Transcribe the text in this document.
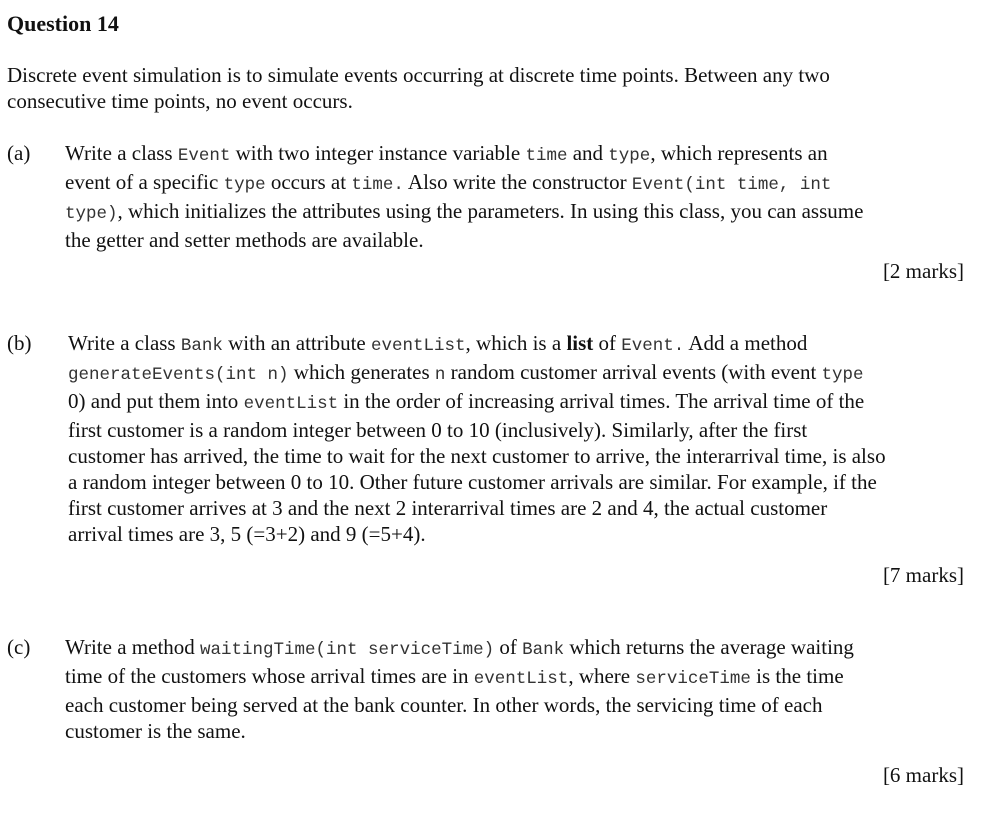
Question 14
Discrete event simulation is to simulate events occurring at discrete time points. Between any two
consecutive time points, no event occurs.
(a) Write a class Event with two integer instance variable time and type, which represents an
event of a specific type occurs at time. Also write the constructor Event(int time, int
type), which initializes the attributes using the parameters. In using this class, you can assume
the getter and setter methods are available.
[2 marks]
(b) Write a class Bank with an attribute eventList, which is a list of Event. Add a method
generateEvents(int n) which generates n random customer arrival events (with event type
0) and put them into eventList in the order of increasing arrival times. The arrival time of the
first customer is a random integer between 0 to 10 (inclusively). Similarly, after the first
customer has arrived, the time to wait for the next customer to arrive, the interarrival time, is also
a random integer between 0 to 10. Other future customer arrivals are similar. For example, if the
first customer arrives at 3 and the next 2 interarrival times are 2 and 4, the actual customer
arrival times are 3, 5 (=3+2) and 9 (=5+4).
[7 marks]
(c) Write a method waitingTime(int serviceTime) of Bank which returns the average waiting
time of the customers whose arrival times are in eventList, where serviceTime is the time
each customer being served at the bank counter. In other words, the servicing time of each
customer is the same.
[6 marks]
